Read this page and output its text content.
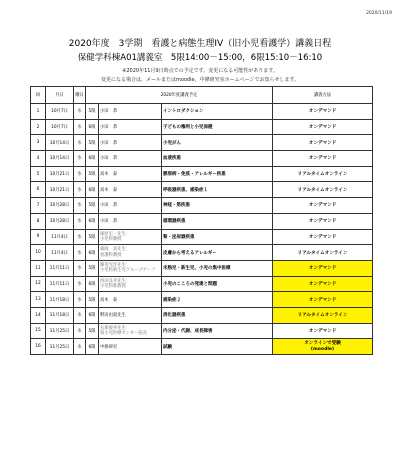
2020/11/19
2020年度　3学期　看護と病態生理IV（旧小児看護学）講義日程
保健学科棟A01講義室　5限14:00－15:00，6限15:10－16:10
※2020年11月9日時点での予定です。変更になる可能性があります。
変更になる場合は，メールまたはmoodle，中條研究室ホームページでお知らせします。
回	月日	曜日	2020年度講義予定			講義方法
1	10月7日	水	5限	小田　恭	イントロダクション	オンデマンド
2	10月7日	水	6限	小田　恭	子どもの権利と小児保健	オンデマンド
3	10月14日	水	5限	小田　恭	小児がん	オンデマンド
4	10月14日	水	6限	小田　恭	血液疾患	オンデマンド
5	10月21日	水	5限	高木　泰	膠原病・免疫・アレルギー疾患	リアルタイムオンライン
6	10月21日	水	6限	高木　泰	呼吸器疾患、感染症１	リアルタイムオンライン
7	10月28日	水	5限	小田　恭	神経・筋疾患	オンデマンド
8	10月28日	水	6限	小田　恭	循環器疾患	オンデマンド
9	11月4日	水	5限	塚原宏一先生：
小児科教授	腎・泌尿器疾患	オンデマンド
10	11月4日	水	6限	森岡　真先生：
看護科教授	皮膚から考えるアレルギー	リアルタイムオンライン
11	11月11日	水	5限	篠嵜光洋先生：
小児科新生児グループチーフ	未熟児・新生児、小児の集中医療	オンデマンド
12	11月11日	水	6限	西田良幸先生：
小児科准教授	小児のこころの発達と問題	オンデマンド
13	11月18日	水	5限	高木　泰	感染症２	オンデマンド
14	11月18日	水	6限	野田由貴先生	消化器疾患	リアルタイムオンライン
15	11月25日	水	5限	丸保俊喜先生：
県小児医療センター院長	内分泌・代謝、成長障害	オンデマンド
16	11月25日	水	6限	中條研究	試験	オンラインで受験
(moodle)
